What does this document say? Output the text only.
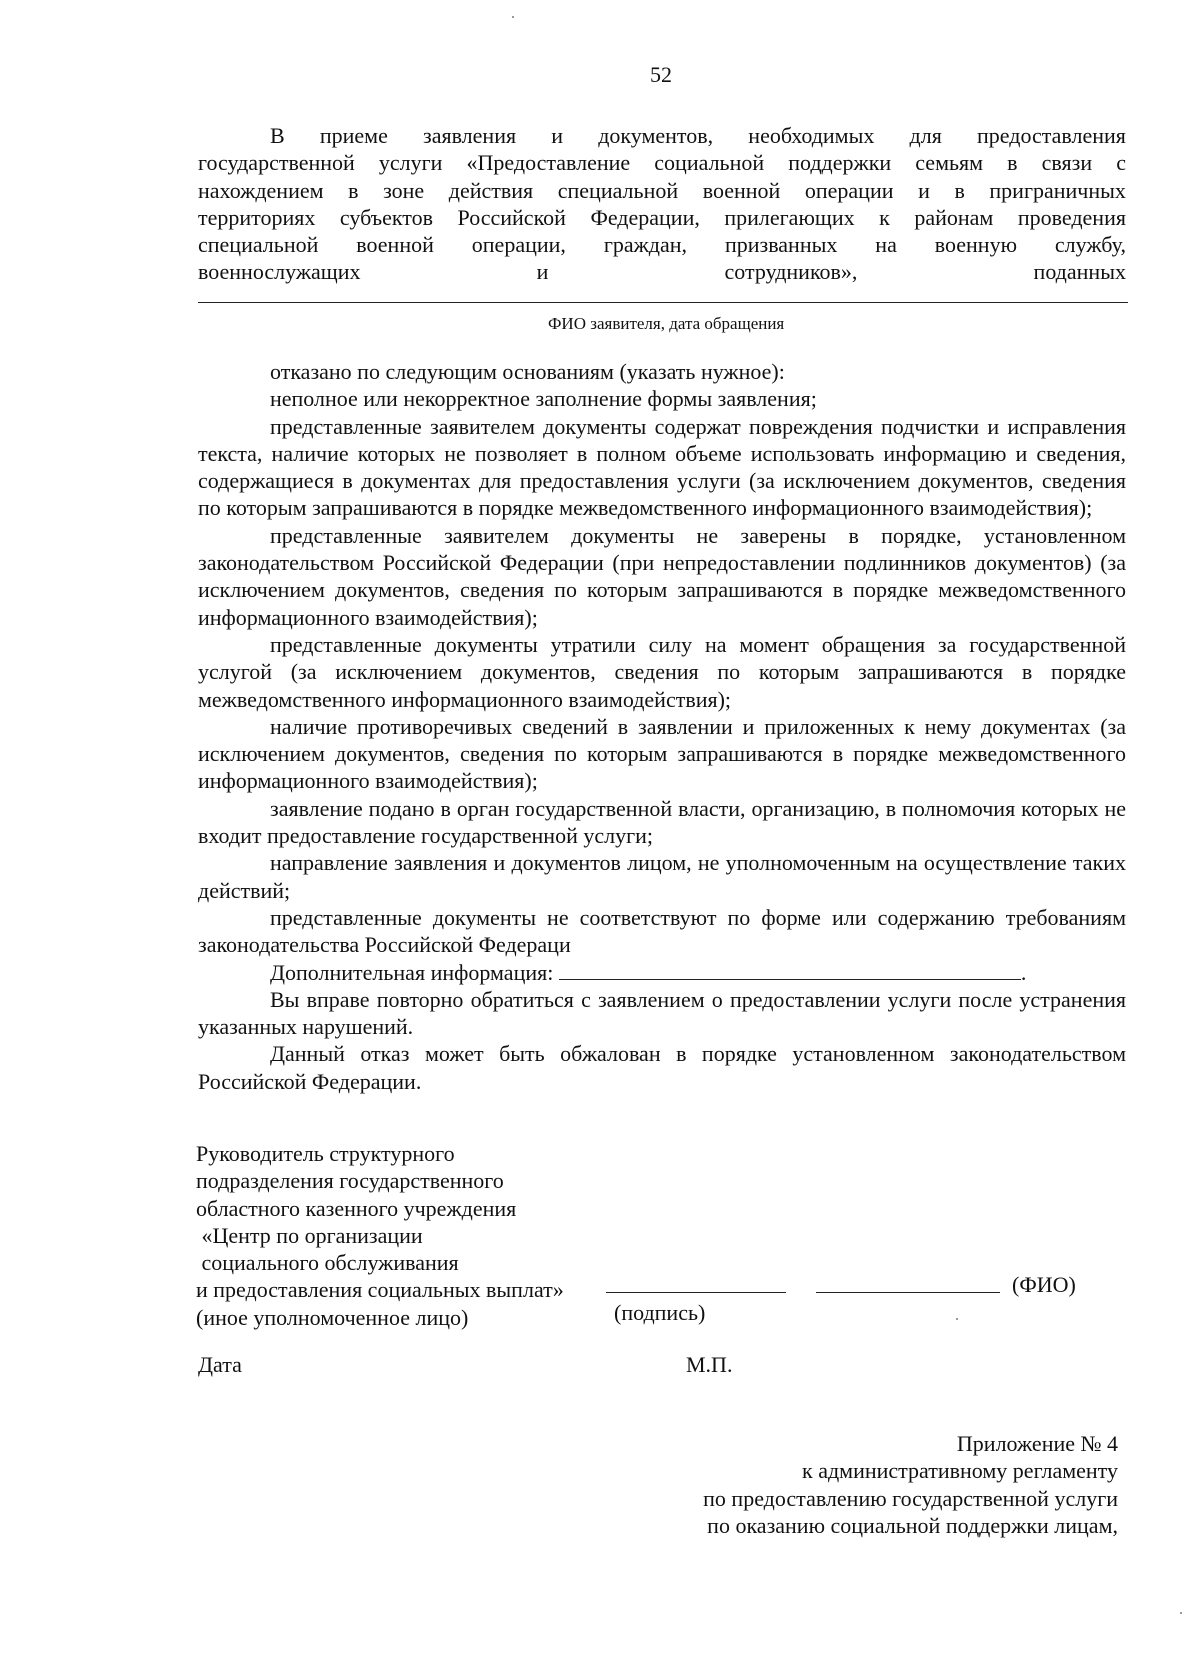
52
В приеме заявления и документов, необходимых для предоставления
государственной услуги «Предоставление социальной поддержки семьям в связи с
нахождением в зоне действия специальной военной операции и в приграничных
территориях субъектов Российской Федерации, прилегающих к районам проведения
специальной военной операции, граждан, призванных на военную службу,
военнослужащих	и	сотрудников»,	поданных
ФИО заявителя, дата обращения

отказано по следующим основаниям (указать нужное):

неполное или некорректное заполнение формы заявления;

представленные заявителем документы содержат повреждения подчистки и исправления текста, наличие которых не позволяет в полном объеме использовать информацию и сведения, содержащиеся в документах для предоставления услуги (за исключением документов, сведения по которым запрашиваются в порядке межведомственного информационного взаимодействия);

представленные заявителем документы не заверены в порядке, установленном законодательством Российской Федерации (при непредоставлении подлинников документов) (за исключением документов, сведения по которым запрашиваются в порядке межведомственного информационного взаимодействия);

представленные документы утратили силу на момент обращения за государственной услугой (за исключением документов, сведения по которым запрашиваются в порядке межведомственного информационного взаимодействия);

наличие противоречивых сведений в заявлении и приложенных к нему документах (за исключением документов, сведения по которым запрашиваются в порядке межведомственного информационного взаимодействия);

заявление подано в орган государственной власти, организацию, в полномочия которых не входит предоставление государственной услуги;

направление заявления и документов лицом, не уполномоченным на осуществление таких действий;

представленные документы не соответствуют по форме или содержанию требованиям законодательства Российской Федераци

Дополнительная информация:	.

Вы вправе повторно обратиться с заявлением о предоставлении услуги после устранения указанных нарушений.

Данный отказ может быть обжалован в порядке установленном законодательством Российской Федерации.

Руководитель структурного
подразделения государственного
областного казенного учреждения
«Центр по организации
социального обслуживания
и предоставления социальных выплат»
(иное уполномоченное лицо)
(ФИО)
(подпись)
Дата	М.П.
Приложение № 4
к административному регламенту
по предоставлению государственной услуги
по оказанию социальной поддержки лицам,
